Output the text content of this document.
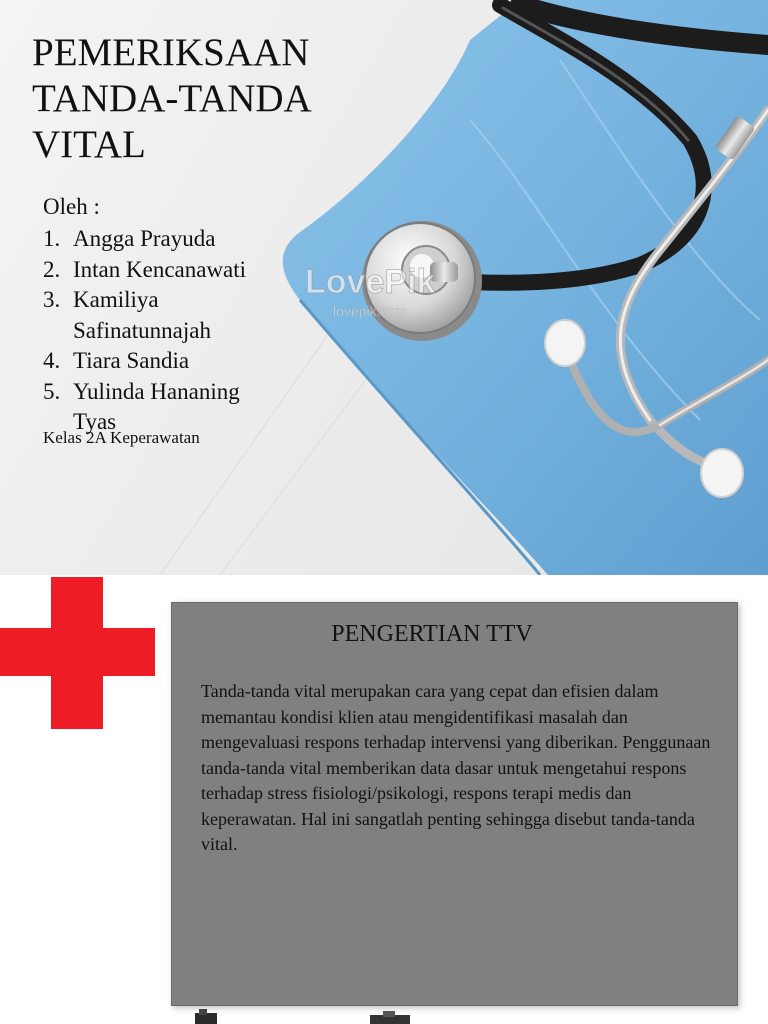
LovePik
lovepik.com
PEMERIKSAAN TANDA-TANDA VITAL
Oleh :
1. Angga Prayuda
2. Intan Kencanawati
3. Kamiliya Safinatunnajah
4. Tiara Sandia
5. Yulinda Hananing Tyas
Kelas 2A Keperawatan
PENGERTIAN TTV

Tanda-tanda vital merupakan cara yang cepat dan efisien dalam memantau kondisi klien atau mengidentifikasi masalah dan mengevaluasi respons terhadap intervensi yang diberikan. Penggunaan tanda-tanda vital memberikan data dasar untuk mengetahui respons terhadap stress fisiologi/psikologi, respons terapi medis dan keperawatan. Hal ini sangatlah penting sehingga disebut tanda-tanda vital.
